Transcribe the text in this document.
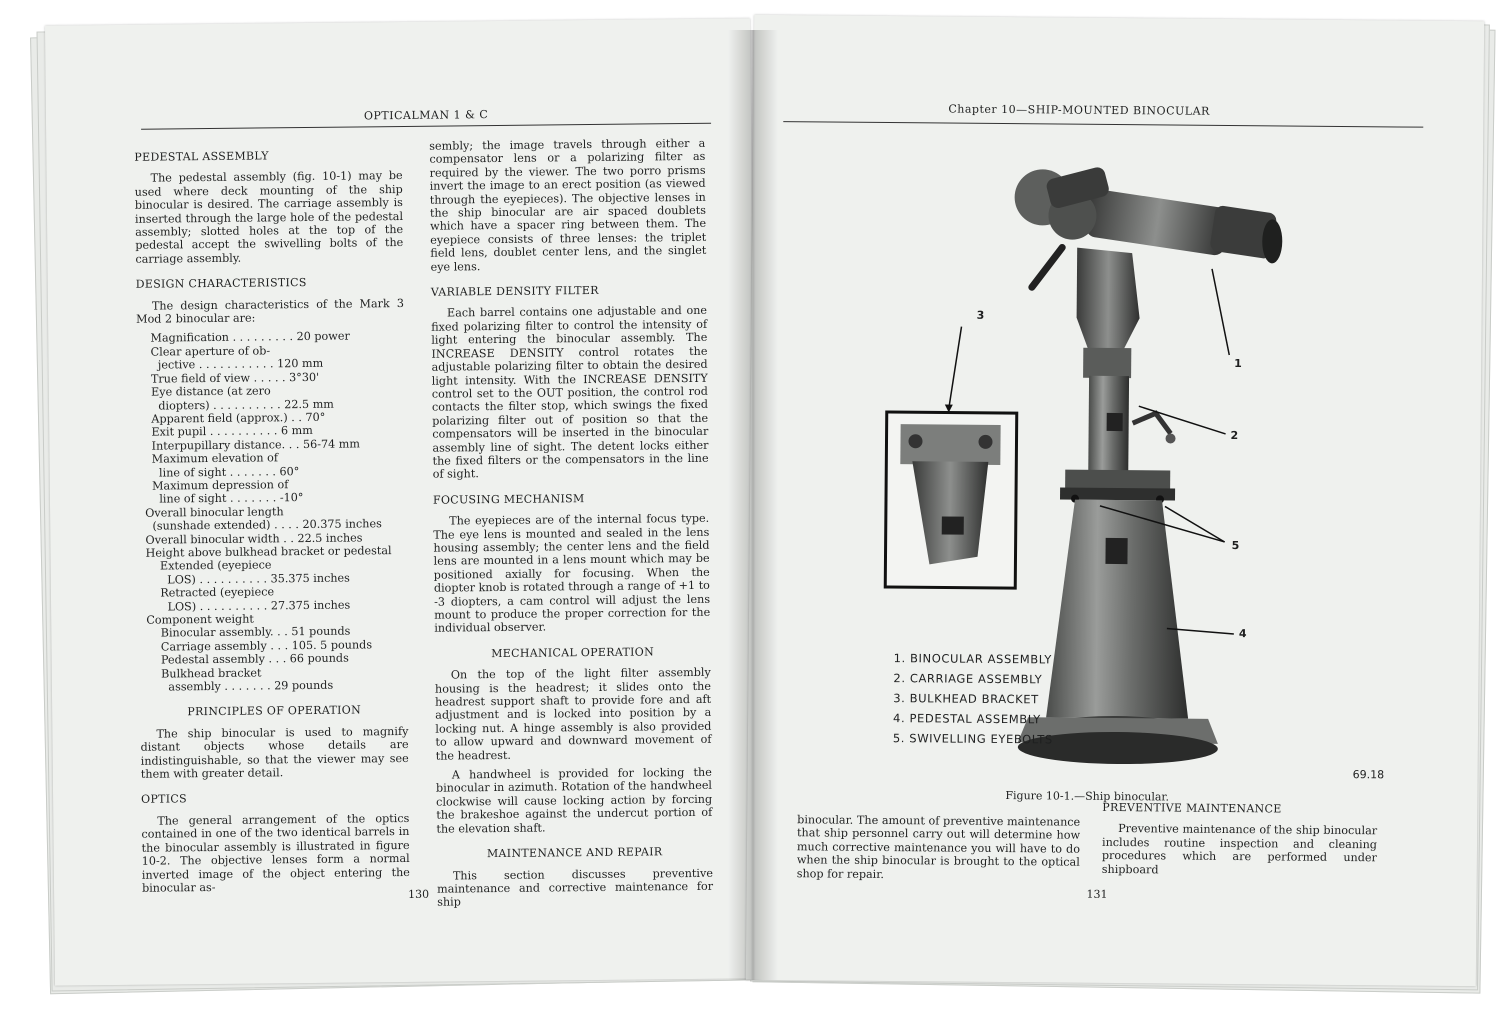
OPTICALMAN 1 & C
PEDESTAL ASSEMBLY

The pedestal assembly (fig. 10-1) may be used where deck mounting of the ship binocular is desired. The carriage assembly is inserted through the large hole of the pedestal assembly; slotted holes at the top of the pedestal accept the swivelling bolts of the carriage assembly.

DESIGN CHARACTERISTICS

The design characteristics of the Mark 3 Mod 2 binocular are:

Magnification . . . . . . . . . 20 power
Clear aperture of ob-
jective . . . . . . . . . . . 120 mm
True field of view . . . . . 3°30'
Eye distance (at zero
diopters) . . . . . . . . . . 22.5 mm
Apparent field (approx.) . . 70°
Exit pupil . . . . . . . . . . 6 mm
Interpupillary distance. . . 56-74 mm
Maximum elevation of
line of sight . . . . . . . 60°
Maximum depression of
line of sight . . . . . . . -10°
Overall binocular length
(sunshade extended) . . . . 20.375 inches
Overall binocular width . . 22.5 inches
Height above bulkhead bracket or pedestal
Extended (eyepiece
LOS) . . . . . . . . . . 35.375 inches
Retracted (eyepiece
LOS) . . . . . . . . . . 27.375 inches
Component weight
Binocular assembly. . . 51 pounds
Carriage assembly . . . 105. 5 pounds
Pedestal assembly . . . 66 pounds
Bulkhead bracket
assembly . . . . . . . 29 pounds
PRINCIPLES OF OPERATION

The ship binocular is used to magnify distant objects whose details are indistinguishable, so that the viewer may see them with greater detail.

OPTICS

The general arrangement of the optics contained in one of the two identical barrels in the binocular assembly is illustrated in figure 10-2. The objective lenses form a normal inverted image of the object entering the binocular as-

sembly; the image travels through either a compensator lens or a polarizing filter as required by the viewer. The two porro prisms invert the image to an erect position (as viewed through the eyepieces). The objective lenses in the ship binocular are air spaced doublets which have a spacer ring between them. The eyepiece consists of three lenses: the triplet field lens, doublet center lens, and the singlet eye lens.

VARIABLE DENSITY FILTER

Each barrel contains one adjustable and one fixed polarizing filter to control the intensity of light entering the binocular assembly. The INCREASE DENSITY control rotates the adjustable polarizing filter to obtain the desired light intensity. With the INCREASE DENSITY control set to the OUT position, the control rod contacts the filter stop, which swings the fixed polarizing filter out of position so that the compensators will be inserted in the binocular assembly line of sight. The detent locks either the fixed filters or the compensators in the line of sight.

FOCUSING MECHANISM

The eyepieces are of the internal focus type. The eye lens is mounted and sealed in the lens housing assembly; the center lens and the field lens are mounted in a lens mount which may be positioned axially for focusing. When the diopter knob is rotated through a range of +1 to -3 diopters, a cam control will adjust the lens mount to produce the proper correction for the individual observer.

MECHANICAL OPERATION

On the top of the light filter assembly housing is the headrest; it slides onto the headrest support shaft to provide fore and aft adjustment and is locked into position by a locking nut. A hinge assembly is also provided to allow upward and downward movement of the headrest.

A handwheel is provided for locking the binocular in azimuth. Rotation of the handwheel clockwise will cause locking action by forcing the brakeshoe against the undercut portion of the elevation shaft.

MAINTENANCE AND REPAIR

This section discusses preventive maintenance and corrective maintenance for ship

130
Chapter 10—SHIP-MOUNTED BINOCULAR
3
1
2
5
4
1. BINOCULAR ASSEMBLY
2. CARRIAGE ASSEMBLY
3. BULKHEAD BRACKET
4. PEDESTAL ASSEMBLY
5. SWIVELLING EYEBOLTS
69.18
Figure 10-1.—Ship binocular.

binocular. The amount of preventive maintenance that ship personnel carry out will determine how much corrective maintenance you will have to do when the ship binocular is brought to the optical shop for repair.

PREVENTIVE MAINTENANCE

Preventive maintenance of the ship binocular includes routine inspection and cleaning procedures which are performed under shipboard

131
